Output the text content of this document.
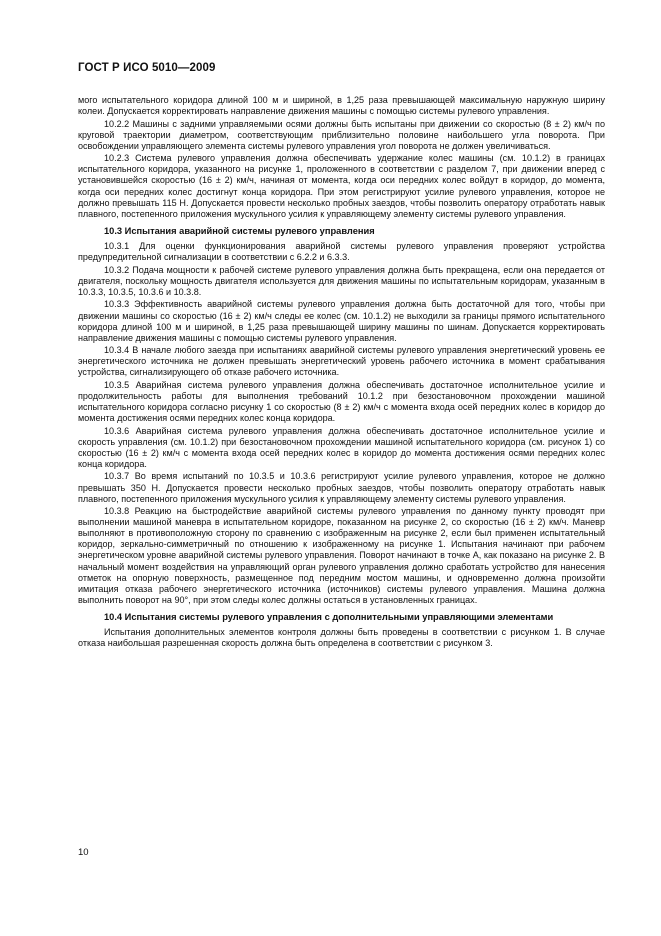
ГОСТ Р ИСО 5010—2009

мого испытательного коридора длиной 100 м и шириной, в 1,25 раза превышающей максимальную наружную ширину колеи. Допускается корректировать направление движения машины с помощью системы рулевого управления.

10.2.2 Машины с задними управляемыми осями должны быть испытаны при движении со скоростью (8 ± 2) км/ч по круговой траектории диаметром, соответствующим приблизительно половине наибольшего угла поворота. При освобождении управляющего элемента системы рулевого управления угол поворота не должен увеличиваться.

10.2.3 Система рулевого управления должна обеспечивать удержание колес машины (см. 10.1.2) в границах испытательного коридора, указанного на рисунке 1, проложенного в соответствии с разделом 7, при движении вперед с установившейся скоростью (16 ± 2) км/ч, начиная от момента, когда оси передних колес войдут в коридор, до момента, когда оси передних колес достигнут конца коридора. При этом регистрируют усилие рулевого управления, которое не должно превышать 115 Н. Допускается провести несколько пробных заездов, чтобы позволить оператору отработать навык плавного, постепенного приложения мускульного усилия к управляющему элементу системы рулевого управления.

10.3 Испытания аварийной системы рулевого управления

10.3.1 Для оценки функционирования аварийной системы рулевого управления проверяют устройства предупредительной сигнализации в соответствии с 6.2.2 и 6.3.3.

10.3.2 Подача мощности к рабочей системе рулевого управления должна быть прекращена, если она передается от двигателя, поскольку мощность двигателя используется для движения машины по испытательным коридорам, указанным в 10.3.3, 10.3.5, 10.3.6 и 10.3.8.

10.3.3 Эффективность аварийной системы рулевого управления должна быть достаточной для того, чтобы при движении машины со скоростью (16 ± 2) км/ч следы ее колес (см. 10.1.2) не выходили за границы прямого испытательного коридора длиной 100 м и шириной, в 1,25 раза превышающей ширину машины по шинам. Допускается корректировать направление движения машины с помощью системы рулевого управления.

10.3.4 В начале любого заезда при испытаниях аварийной системы рулевого управления энергетический уровень ее энергетического источника не должен превышать энергетический уровень рабочего источника в момент срабатывания устройства, сигнализирующего об отказе рабочего источника.

10.3.5 Аварийная система рулевого управления должна обеспечивать достаточное исполнительное усилие и продолжительность работы для выполнения требований 10.1.2 при безостановочном прохождении машиной испытательного коридора согласно рисунку 1 со скоростью (8 ± 2) км/ч с момента входа осей передних колес в коридор до момента достижения осями передних колес конца коридора.

10.3.6 Аварийная система рулевого управления должна обеспечивать достаточное исполнительное усилие и скорость управления (см. 10.1.2) при безостановочном прохождении машиной испытательного коридора (см. рисунок 1) со скоростью (16 ± 2) км/ч с момента входа осей передних колес в коридор до момента достижения осями передних колес конца коридора.

10.3.7 Во время испытаний по 10.3.5 и 10.3.6 регистрируют усилие рулевого управления, которое не должно превышать 350 Н. Допускается провести несколько пробных заездов, чтобы позволить оператору отработать навык плавного, постепенного приложения мускульного усилия к управляющему элементу системы рулевого управления.

10.3.8 Реакцию на быстродействие аварийной системы рулевого управления по данному пункту проводят при выполнении машиной маневра в испытательном коридоре, показанном на рисунке 2, со скоростью (16 ± 2) км/ч. Маневр выполняют в противоположную сторону по сравнению с изображенным на рисунке 2, если был применен испытательный коридор, зеркально-симметричный по отношению к изображенному на рисунке 1. Испытания начинают при рабочем энергетическом уровне аварийной системы рулевого управления. Поворот начинают в точке А, как показано на рисунке 2. В начальный момент воздействия на управляющий орган рулевого управления должно сработать устройство для нанесения отметок на опорную поверхность, размещенное под передним мостом машины, и одновременно должна произойти имитация отказа рабочего энергетического источника (источников) системы рулевого управления. Машина должна выполнить поворот на 90°, при этом следы колес должны остаться в установленных границах.

10.4 Испытания системы рулевого управления с дополнительными управляющими элементами

Испытания дополнительных элементов контроля должны быть проведены в соответствии с рисунком 1. В случае отказа наибольшая разрешенная скорость должна быть определена в соответствии с рисунком 3.

10
